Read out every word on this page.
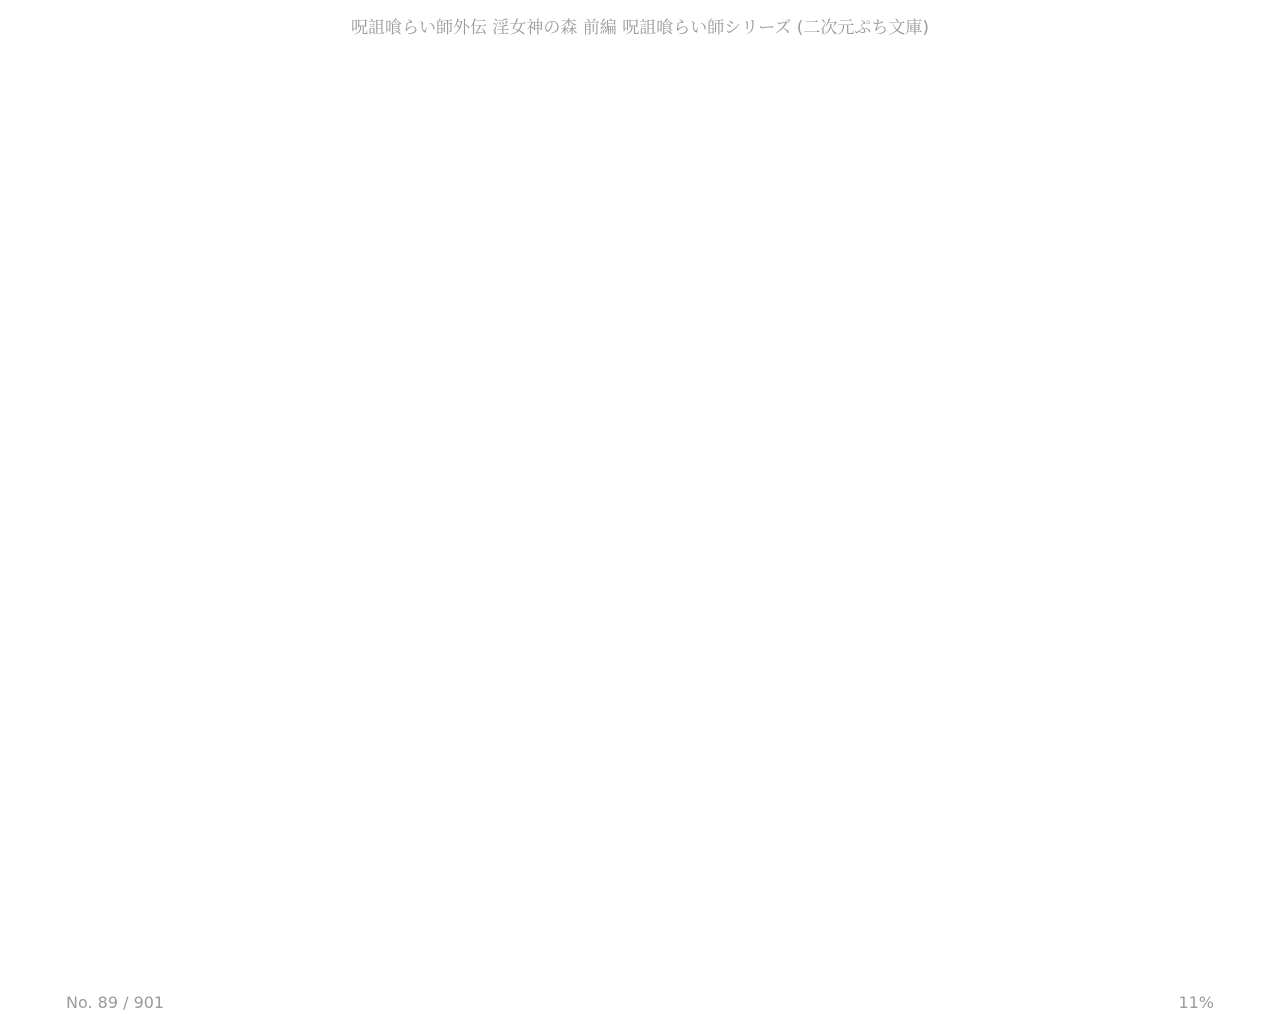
呪詛喰らい師外伝 淫女神の森 前編 呪詛喰らい師シリーズ (二次元ぷち文庫)
No. 89 / 901	11%
